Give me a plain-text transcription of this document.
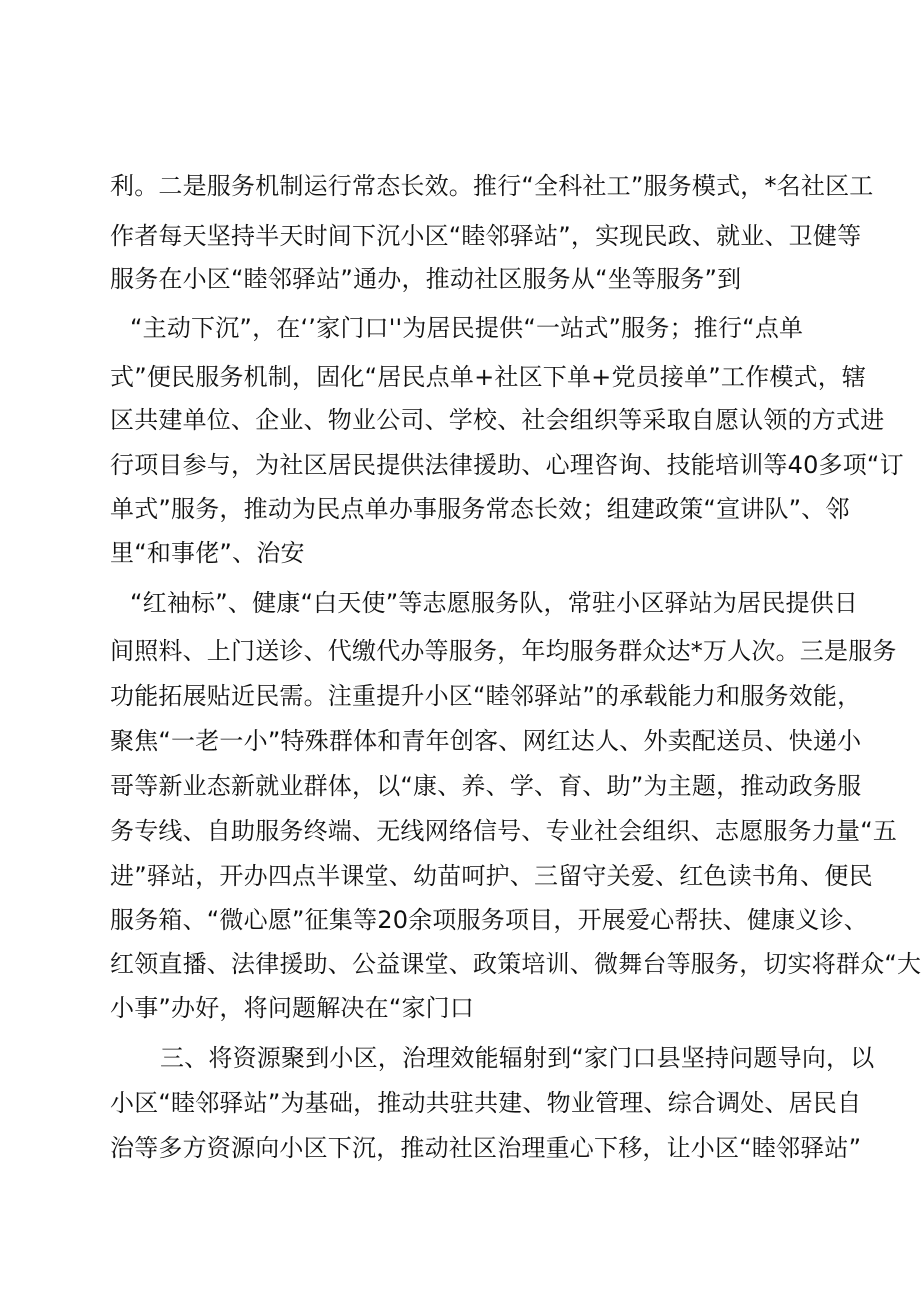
利。二是服务机制运行常态长效。推行“全科社工”服务模式，*名社区工
作者每天坚持半天时间下沉小区“睦邻驿站”，实现民政、就业、卫健等
服务在小区“睦邻驿站”通办，推动社区服务从“坐等服务”到
“主动下沉”，在‘’家门口''为居民提供“一站式”服务；推行“点单
式”便民服务机制，固化“居民点单+社区下单+党员接单”工作模式，辖
区共建单位、企业、物业公司、学校、社会组织等采取自愿认领的方式进
行项目参与，为社区居民提供法律援助、心理咨询、技能培训等40多项“订
单式”服务，推动为民点单办事服务常态长效；组建政策“宣讲队”、邻
里“和事佬”、治安
“红袖标”、健康“白天使”等志愿服务队，常驻小区驿站为居民提供日
间照料、上门送诊、代缴代办等服务，年均服务群众达*万人次。三是服务
功能拓展贴近民需。注重提升小区“睦邻驿站”的承载能力和服务效能，
聚焦“一老一小”特殊群体和青年创客、网红达人、外卖配送员、快递小
哥等新业态新就业群体，以“康、养、学、育、助”为主题，推动政务服
务专线、自助服务终端、无线网络信号、专业社会组织、志愿服务力量“五
进”驿站，开办四点半课堂、幼苗呵护、三留守关爱、红色读书角、便民
服务箱、“微心愿”征集等20余项服务项目，开展爱心帮扶、健康义诊、
红领直播、法律援助、公益课堂、政策培训、微舞台等服务，切实将群众“大
小事”办好，将问题解决在“家门口
三、将资源聚到小区，治理效能辐射到“家门口县坚持问题导向，以
小区“睦邻驿站”为基础，推动共驻共建、物业管理、综合调处、居民自
治等多方资源向小区下沉，推动社区治理重心下移，让小区“睦邻驿站”
